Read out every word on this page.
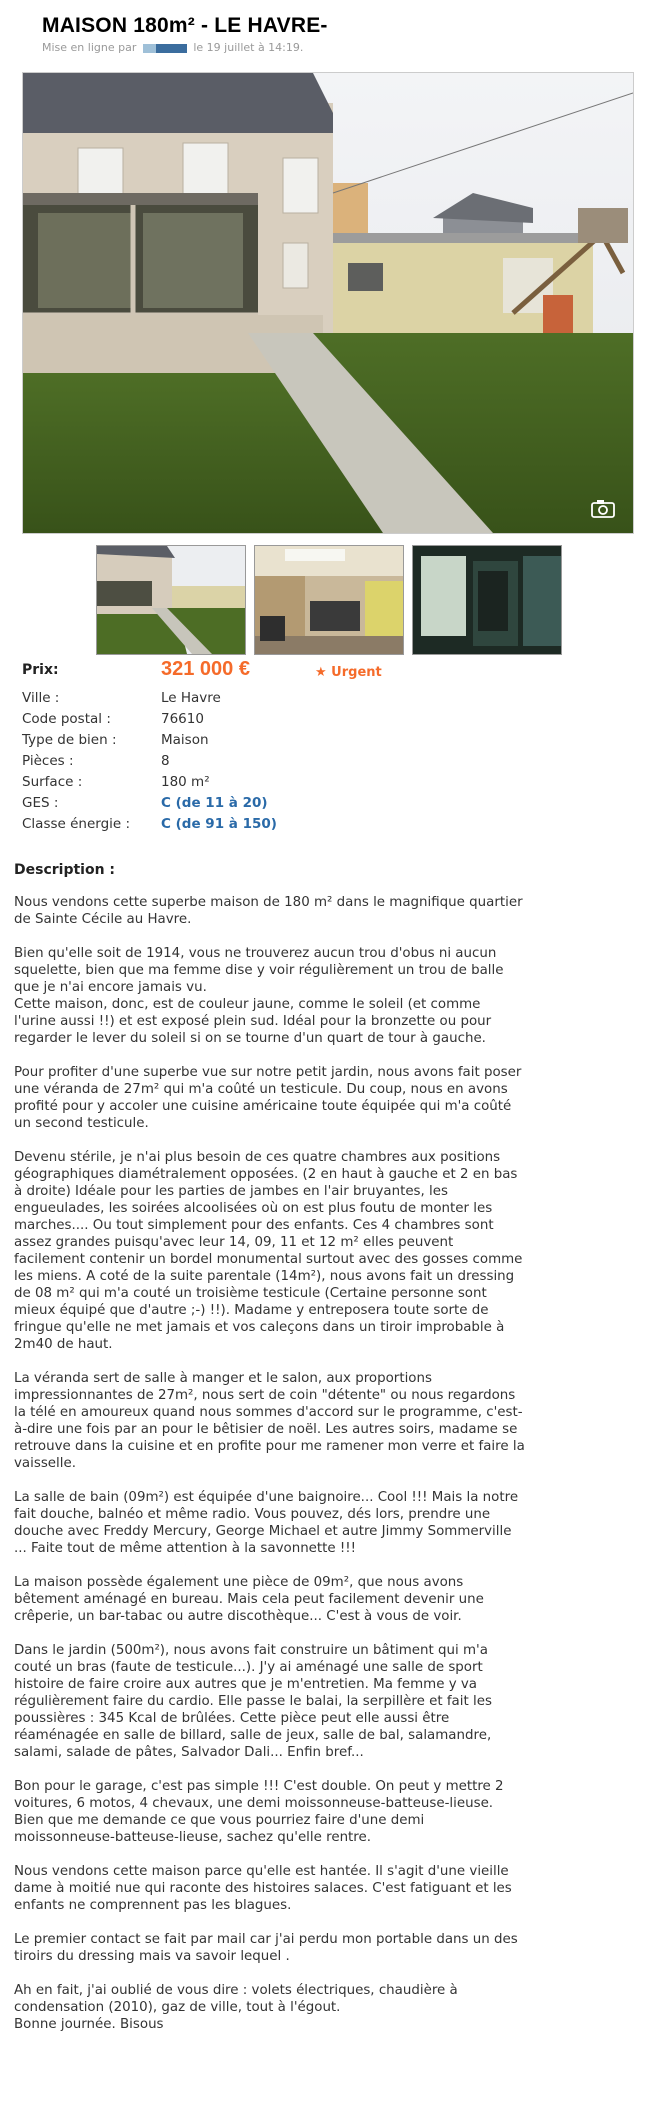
MAISON 180m² - LE HAVRE-
Mise en ligne par	le 19 juillet à 14:19.
Prix:	321 000 €	★ Urgent
Ville :	Le Havre
Code postal :	76610
Type de bien :	Maison
Pièces :	8
Surface :	180 m²
GES :	C (de 11 à 20)
Classe énergie :	C (de 91 à 150)
Description :

Nous vendons cette superbe maison de 180 m² dans le magnifique quartier de Sainte Cécile au Havre.

Bien qu'elle soit de 1914, vous ne trouverez aucun trou d'obus ni aucun squelette, bien que ma femme dise y voir régulièrement un trou de balle que je n'ai encore jamais vu.
Cette maison, donc, est de couleur jaune, comme le soleil (et comme l'urine aussi !!) et est exposé plein sud. Idéal pour la bronzette ou pour regarder le lever du soleil si on se tourne d'un quart de tour à gauche.

Pour profiter d'une superbe vue sur notre petit jardin, nous avons fait poser une véranda de 27m² qui m'a coûté un testicule. Du coup, nous en avons profité pour y accoler une cuisine américaine toute équipée qui m'a coûté un second testicule.

Devenu stérile, je n'ai plus besoin de ces quatre chambres aux positions géographiques diamétralement opposées. (2 en haut à gauche et 2 en bas à droite) Idéale pour les parties de jambes en l'air bruyantes, les engueulades, les soirées alcoolisées où on est plus foutu de monter les marches.... Ou tout simplement pour des enfants. Ces 4 chambres sont assez grandes puisqu'avec leur 14, 09, 11 et 12 m² elles peuvent facilement contenir un bordel monumental surtout avec des gosses comme les miens. A coté de la suite parentale (14m²), nous avons fait un dressing de 08 m² qui m'a couté un troisième testicule (Certaine personne sont mieux équipé que d'autre ;-) !!). Madame y entreposera toute sorte de fringue qu'elle ne met jamais et vos caleçons dans un tiroir improbable à 2m40 de haut.

La véranda sert de salle à manger et le salon, aux proportions impressionnantes de 27m², nous sert de coin "détente" ou nous regardons la télé en amoureux quand nous sommes d'accord sur le programme, c'est-à-dire une fois par an pour le bêtisier de noël. Les autres soirs, madame se retrouve dans la cuisine et en profite pour me ramener mon verre et faire la vaisselle.

La salle de bain (09m²) est équipée d'une baignoire... Cool !!! Mais la notre fait douche, balnéo et même radio. Vous pouvez, dés lors, prendre une douche avec Freddy Mercury, George Michael et autre Jimmy Sommerville ... Faite tout de même attention à la savonnette !!!

La maison possède également une pièce de 09m², que nous avons bêtement aménagé en bureau. Mais cela peut facilement devenir une crêperie, un bar-tabac ou autre discothèque... C'est à vous de voir.

Dans le jardin (500m²), nous avons fait construire un bâtiment qui m'a couté un bras (faute de testicule...). J'y ai aménagé une salle de sport histoire de faire croire aux autres que je m'entretien. Ma femme y va régulièrement faire du cardio. Elle passe le balai, la serpillère et fait les poussières : 345 Kcal de brûlées. Cette pièce peut elle aussi être réaménagée en salle de billard, salle de jeux, salle de bal, salamandre, salami, salade de pâtes, Salvador Dali... Enfin bref...

Bon pour le garage, c'est pas simple !!! C'est double. On peut y mettre 2 voitures, 6 motos, 4 chevaux, une demi moissonneuse-batteuse-lieuse. Bien que me demande ce que vous pourriez faire d'une demi moissonneuse-batteuse-lieuse, sachez qu'elle rentre.

Nous vendons cette maison parce qu'elle est hantée. Il s'agit d'une vieille dame à moitié nue qui raconte des histoires salaces. C'est fatiguant et les enfants ne comprennent pas les blagues.

Le premier contact se fait par mail car j'ai perdu mon portable dans un des tiroirs du dressing mais va savoir lequel .

Ah en fait, j'ai oublié de vous dire : volets électriques, chaudière à condensation (2010), gaz de ville, tout à l'égout.
Bonne journée. Bisous
